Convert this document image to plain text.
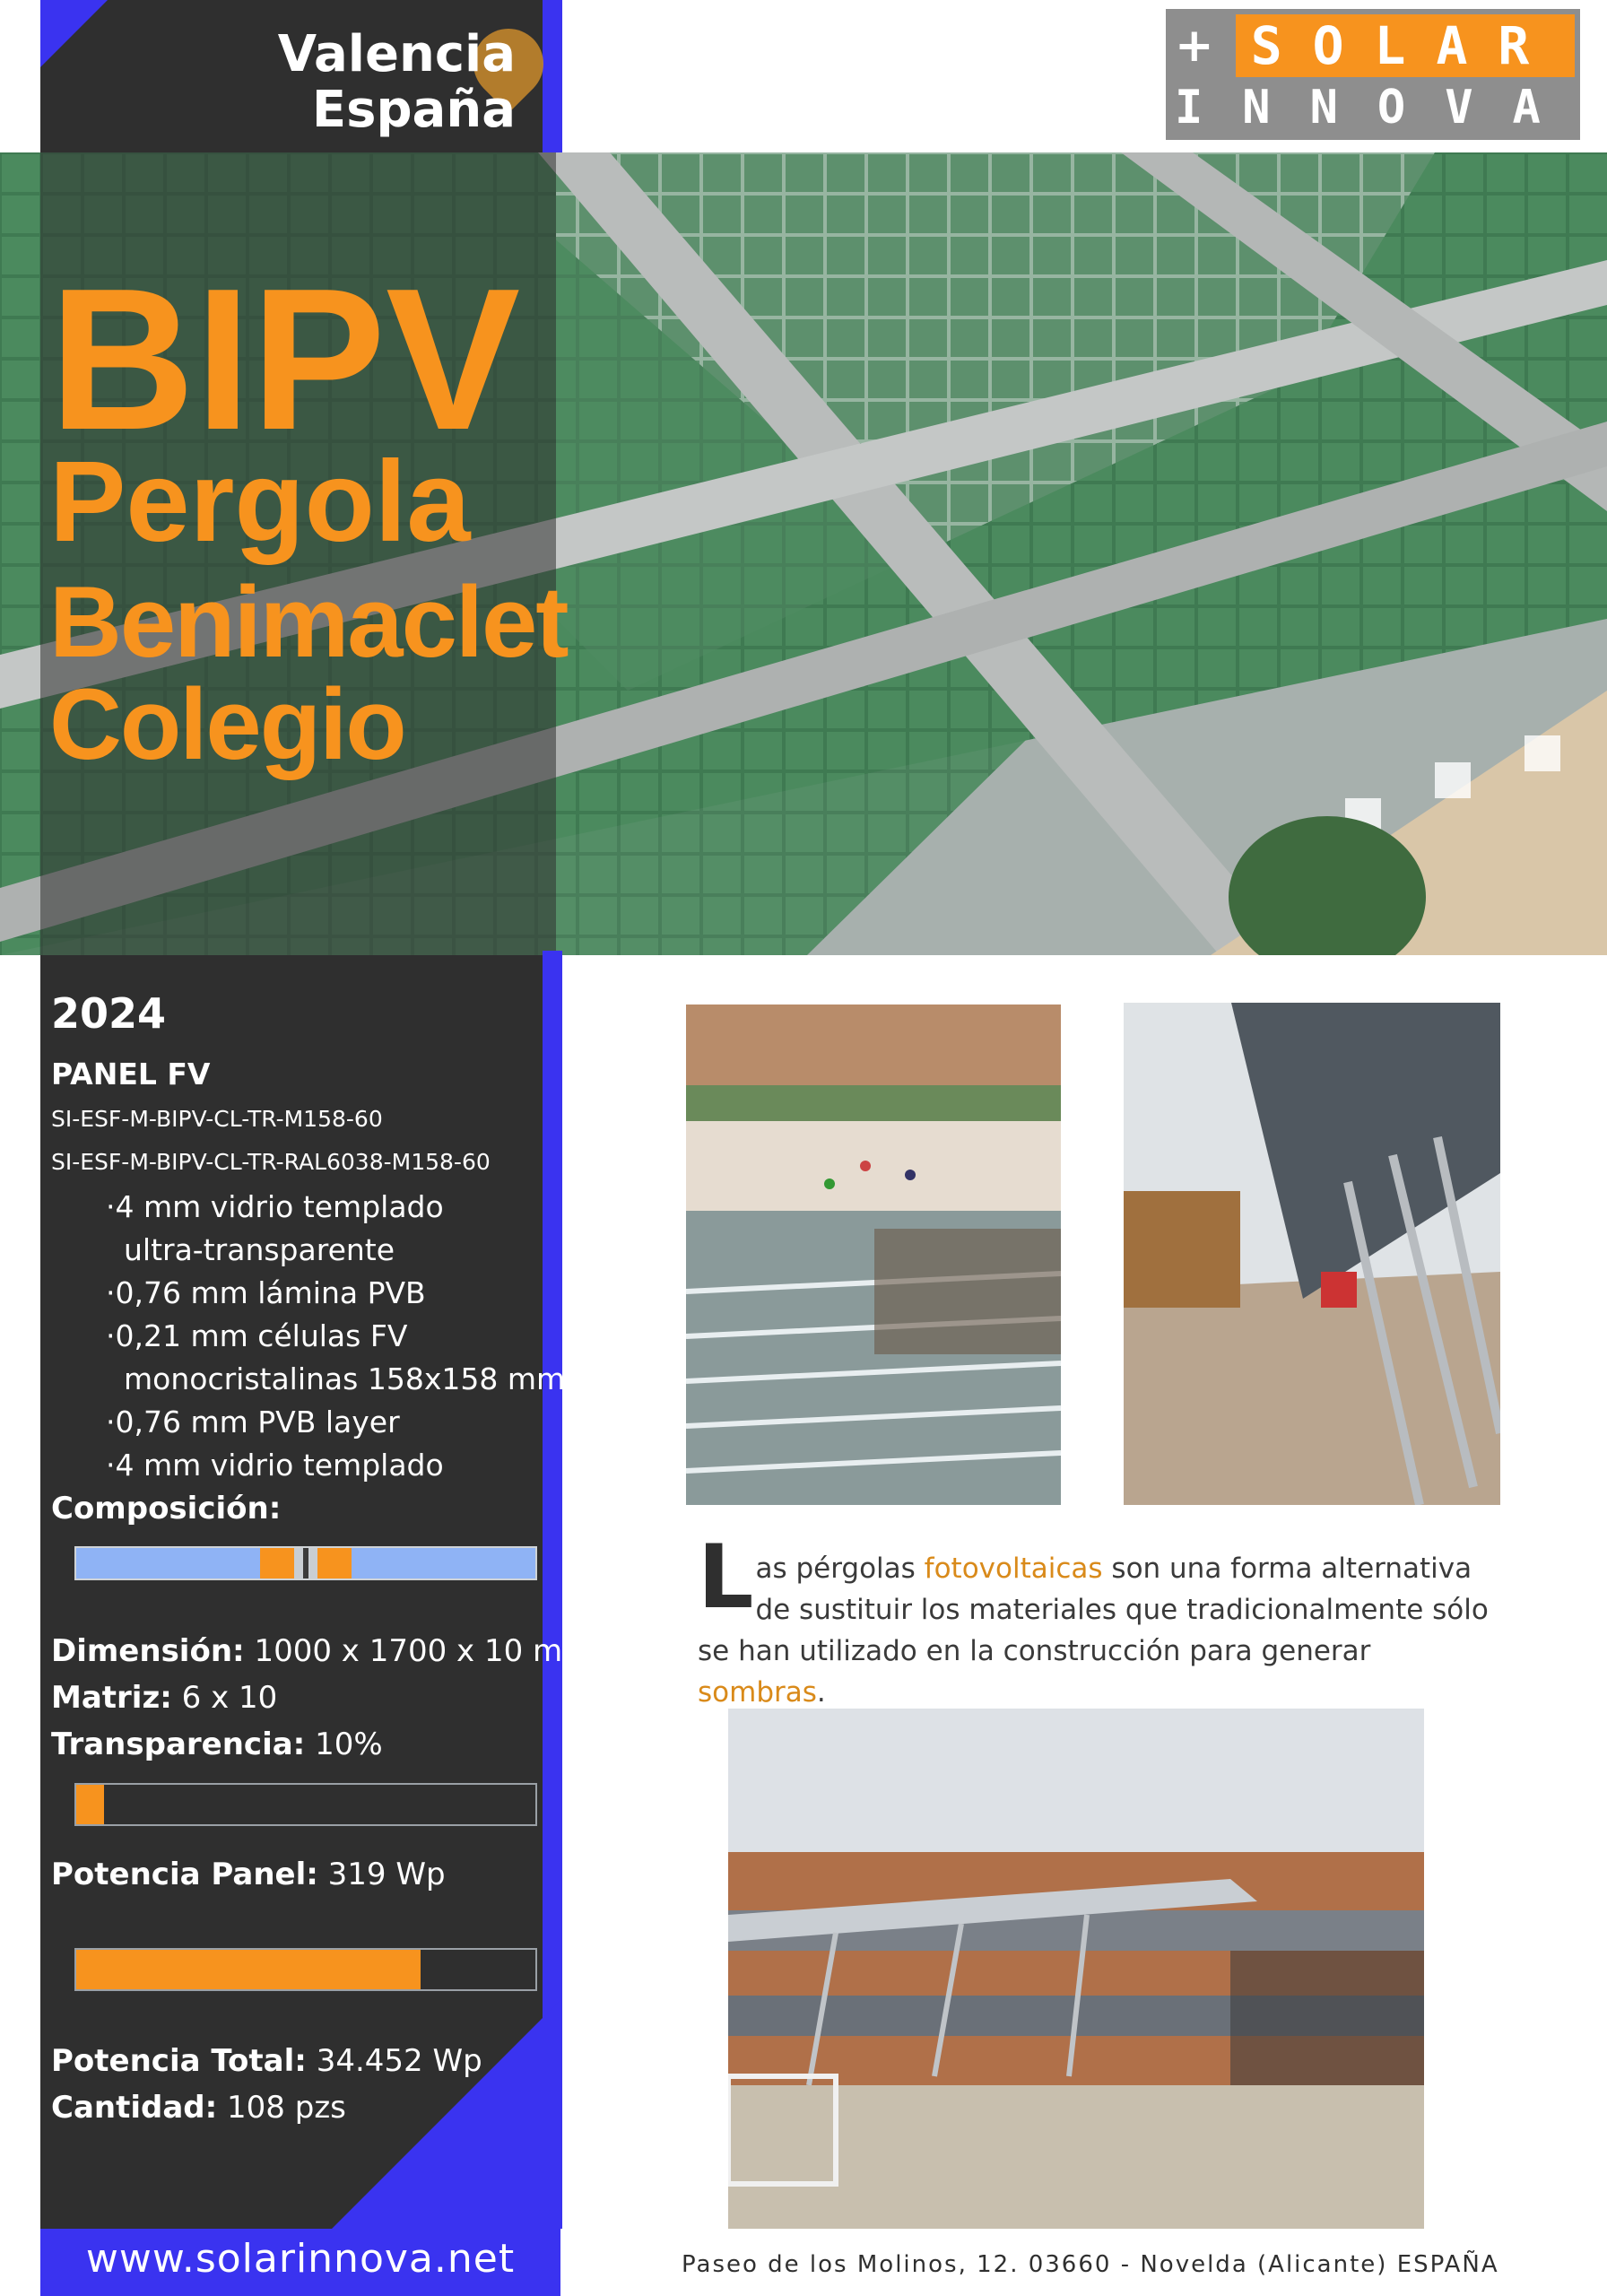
Valencia
España
+ SOLAR
INNOVA
BIPV
Pergola
Benimaclet
Colegio
2024
PANEL FV
SI-ESF-M-BIPV-CL-TR-M158-60
SI-ESF-M-BIPV-CL-TR-RAL6038-M158-60
·4 mm vidrio templado
ultra-transparente
·0,76 mm lámina PVB
·0,21 mm células FV
monocristalinas 158x158 mm
·0,76 mm PVB layer
·4 mm vidrio templado
Composición:
Dimensión: 1000 x 1700 x 10 mm
Matriz: 6 x 10
Transparencia: 10%
Potencia Panel: 319 Wp
Potencia Total: 34.452 Wp
Cantidad: 108 pzs
www.solarinnova.net
Las pérgolas fotovoltaicas son una forma alternativa de sustituir los materiales que tradicionalmente sólo se han utilizado en la construcción para generar sombras.
Paseo de los Molinos, 12. 03660 - Novelda (Alicante) ESPAÑA
